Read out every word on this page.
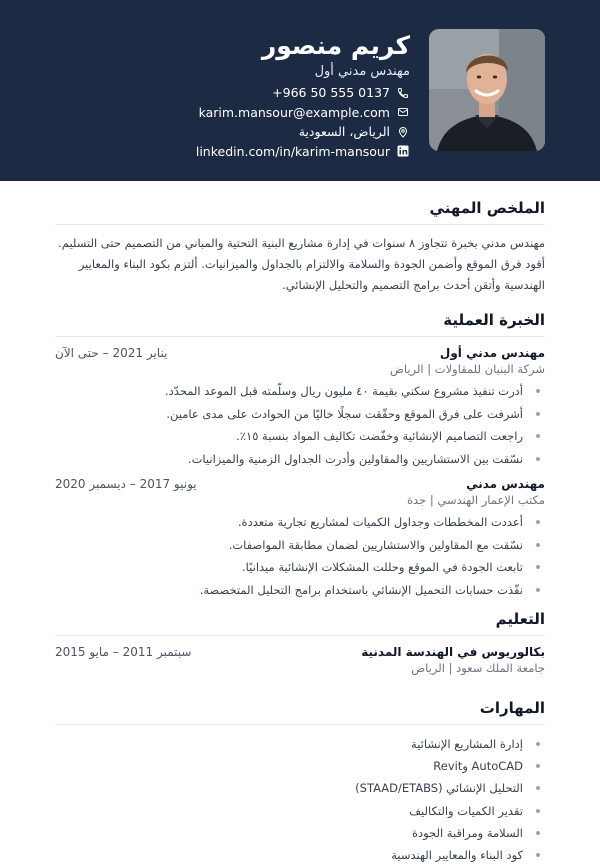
كريم منصور
مهندس مدني أول
+966 50 555 0137
karim.mansour@example.com
الرياض، السعودية
linkedin.com/in/karim-mansour
الملخص المهني

مهندس مدني بخبرة تتجاوز ٨ سنوات في إدارة مشاريع البنية التحتية والمباني من التصميم حتى التسليم. أقود فرق الموقع وأضمن الجودة والسلامة والالتزام بالجداول والميزانيات. ألتزم بكود البناء والمعايير الهندسية وأتقن أحدث برامج التصميم والتحليل الإنشائي.

الخبرة العملية
مهندس مدني أول
يناير 2021 – حتى الآن
شركة البنيان للمقاولات | الرياض
أدرت تنفيذ مشروع سكني بقيمة ٤٠ مليون ريال وسلّمته قبل الموعد المحدّد.
أشرفت على فرق الموقع وحقّقت سجلًا خاليًا من الحوادث على مدى عامين.
راجعت التصاميم الإنشائية وخفّضت تكاليف المواد بنسبة ١٥٪.
نسّقت بين الاستشاريين والمقاولين وأدرت الجداول الزمنية والميزانيات.
مهندس مدني
يونيو 2017 – ديسمبر 2020
مكتب الإعمار الهندسي | جدة
أعددت المخططات وجداول الكميات لمشاريع تجارية متعددة.
نسّقت مع المقاولين والاستشاريين لضمان مطابقة المواصفات.
تابعت الجودة في الموقع وحللت المشكلات الإنشائية ميدانيًا.
نفّذت حسابات التحميل الإنشائي باستخدام برامج التحليل المتخصصة.
التعليم
بكالوريوس في الهندسة المدنية
سبتمبر 2011 – مايو 2015
جامعة الملك سعود | الرياض
المهارات
إدارة المشاريع الإنشائية
AutoCAD وRevit
التحليل الإنشائي (STAAD/ETABS)
تقدير الكميات والتكاليف
السلامة ومراقبة الجودة
كود البناء والمعايير الهندسية
